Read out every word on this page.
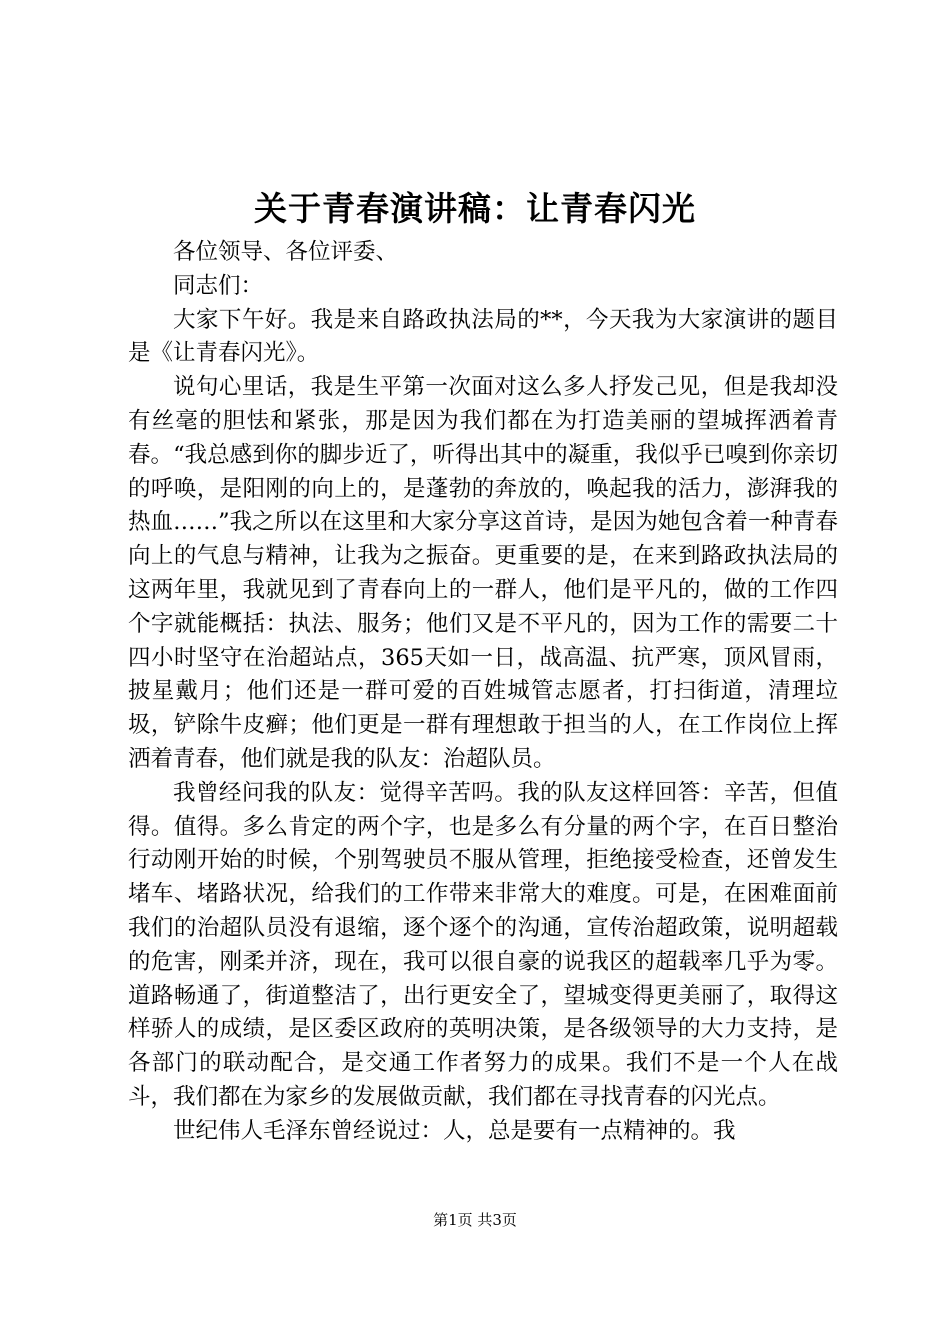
关于青春演讲稿：让青春闪光

各位领导、各位评委、

同志们：

大家下午好。我是来自路政执法局的**，今天我为大家演讲的题目是《让青春闪光》。

说句心里话，我是生平第一次面对这么多人抒发己见，但是我却没有丝毫的胆怯和紧张，那是因为我们都在为打造美丽的望城挥洒着青春。“我总感到你的脚步近了，听得出其中的凝重，我似乎已嗅到你亲切的呼唤，是阳刚的向上的，是蓬勃的奔放的，唤起我的活力，澎湃我的热血……”我之所以在这里和大家分享这首诗，是因为她包含着一种青春向上的气息与精神，让我为之振奋。更重要的是，在来到路政执法局的这两年里，我就见到了青春向上的一群人，他们是平凡的，做的工作四个字就能概括：执法、服务；他们又是不平凡的，因为工作的需要二十四小时坚守在治超站点，365天如一日，战高温、抗严寒，顶风冒雨，披星戴月；他们还是一群可爱的百姓城管志愿者，打扫街道，清理垃圾，铲除牛皮癣；他们更是一群有理想敢于担当的人，在工作岗位上挥洒着青春，他们就是我的队友：治超队员。

我曾经问我的队友：觉得辛苦吗。我的队友这样回答：辛苦，但值得。值得。多么肯定的两个字，也是多么有分量的两个字，在百日整治行动刚开始的时候，个别驾驶员不服从管理，拒绝接受检查，还曾发生堵车、堵路状况，给我们的工作带来非常大的难度。可是，在困难面前我们的治超队员没有退缩，逐个逐个的沟通，宣传治超政策，说明超载的危害，刚柔并济，现在，我可以很自豪的说我区的超载率几乎为零。道路畅通了，街道整洁了，出行更安全了，望城变得更美丽了，取得这样骄人的成绩，是区委区政府的英明决策，是各级领导的大力支持，是各部门的联动配合，是交通工作者努力的成果。我们不是一个人在战斗，我们都在为家乡的发展做贡献，我们都在寻找青春的闪光点。

世纪伟人毛泽东曾经说过：人，总是要有一点精神的。我

第1页 共3页
